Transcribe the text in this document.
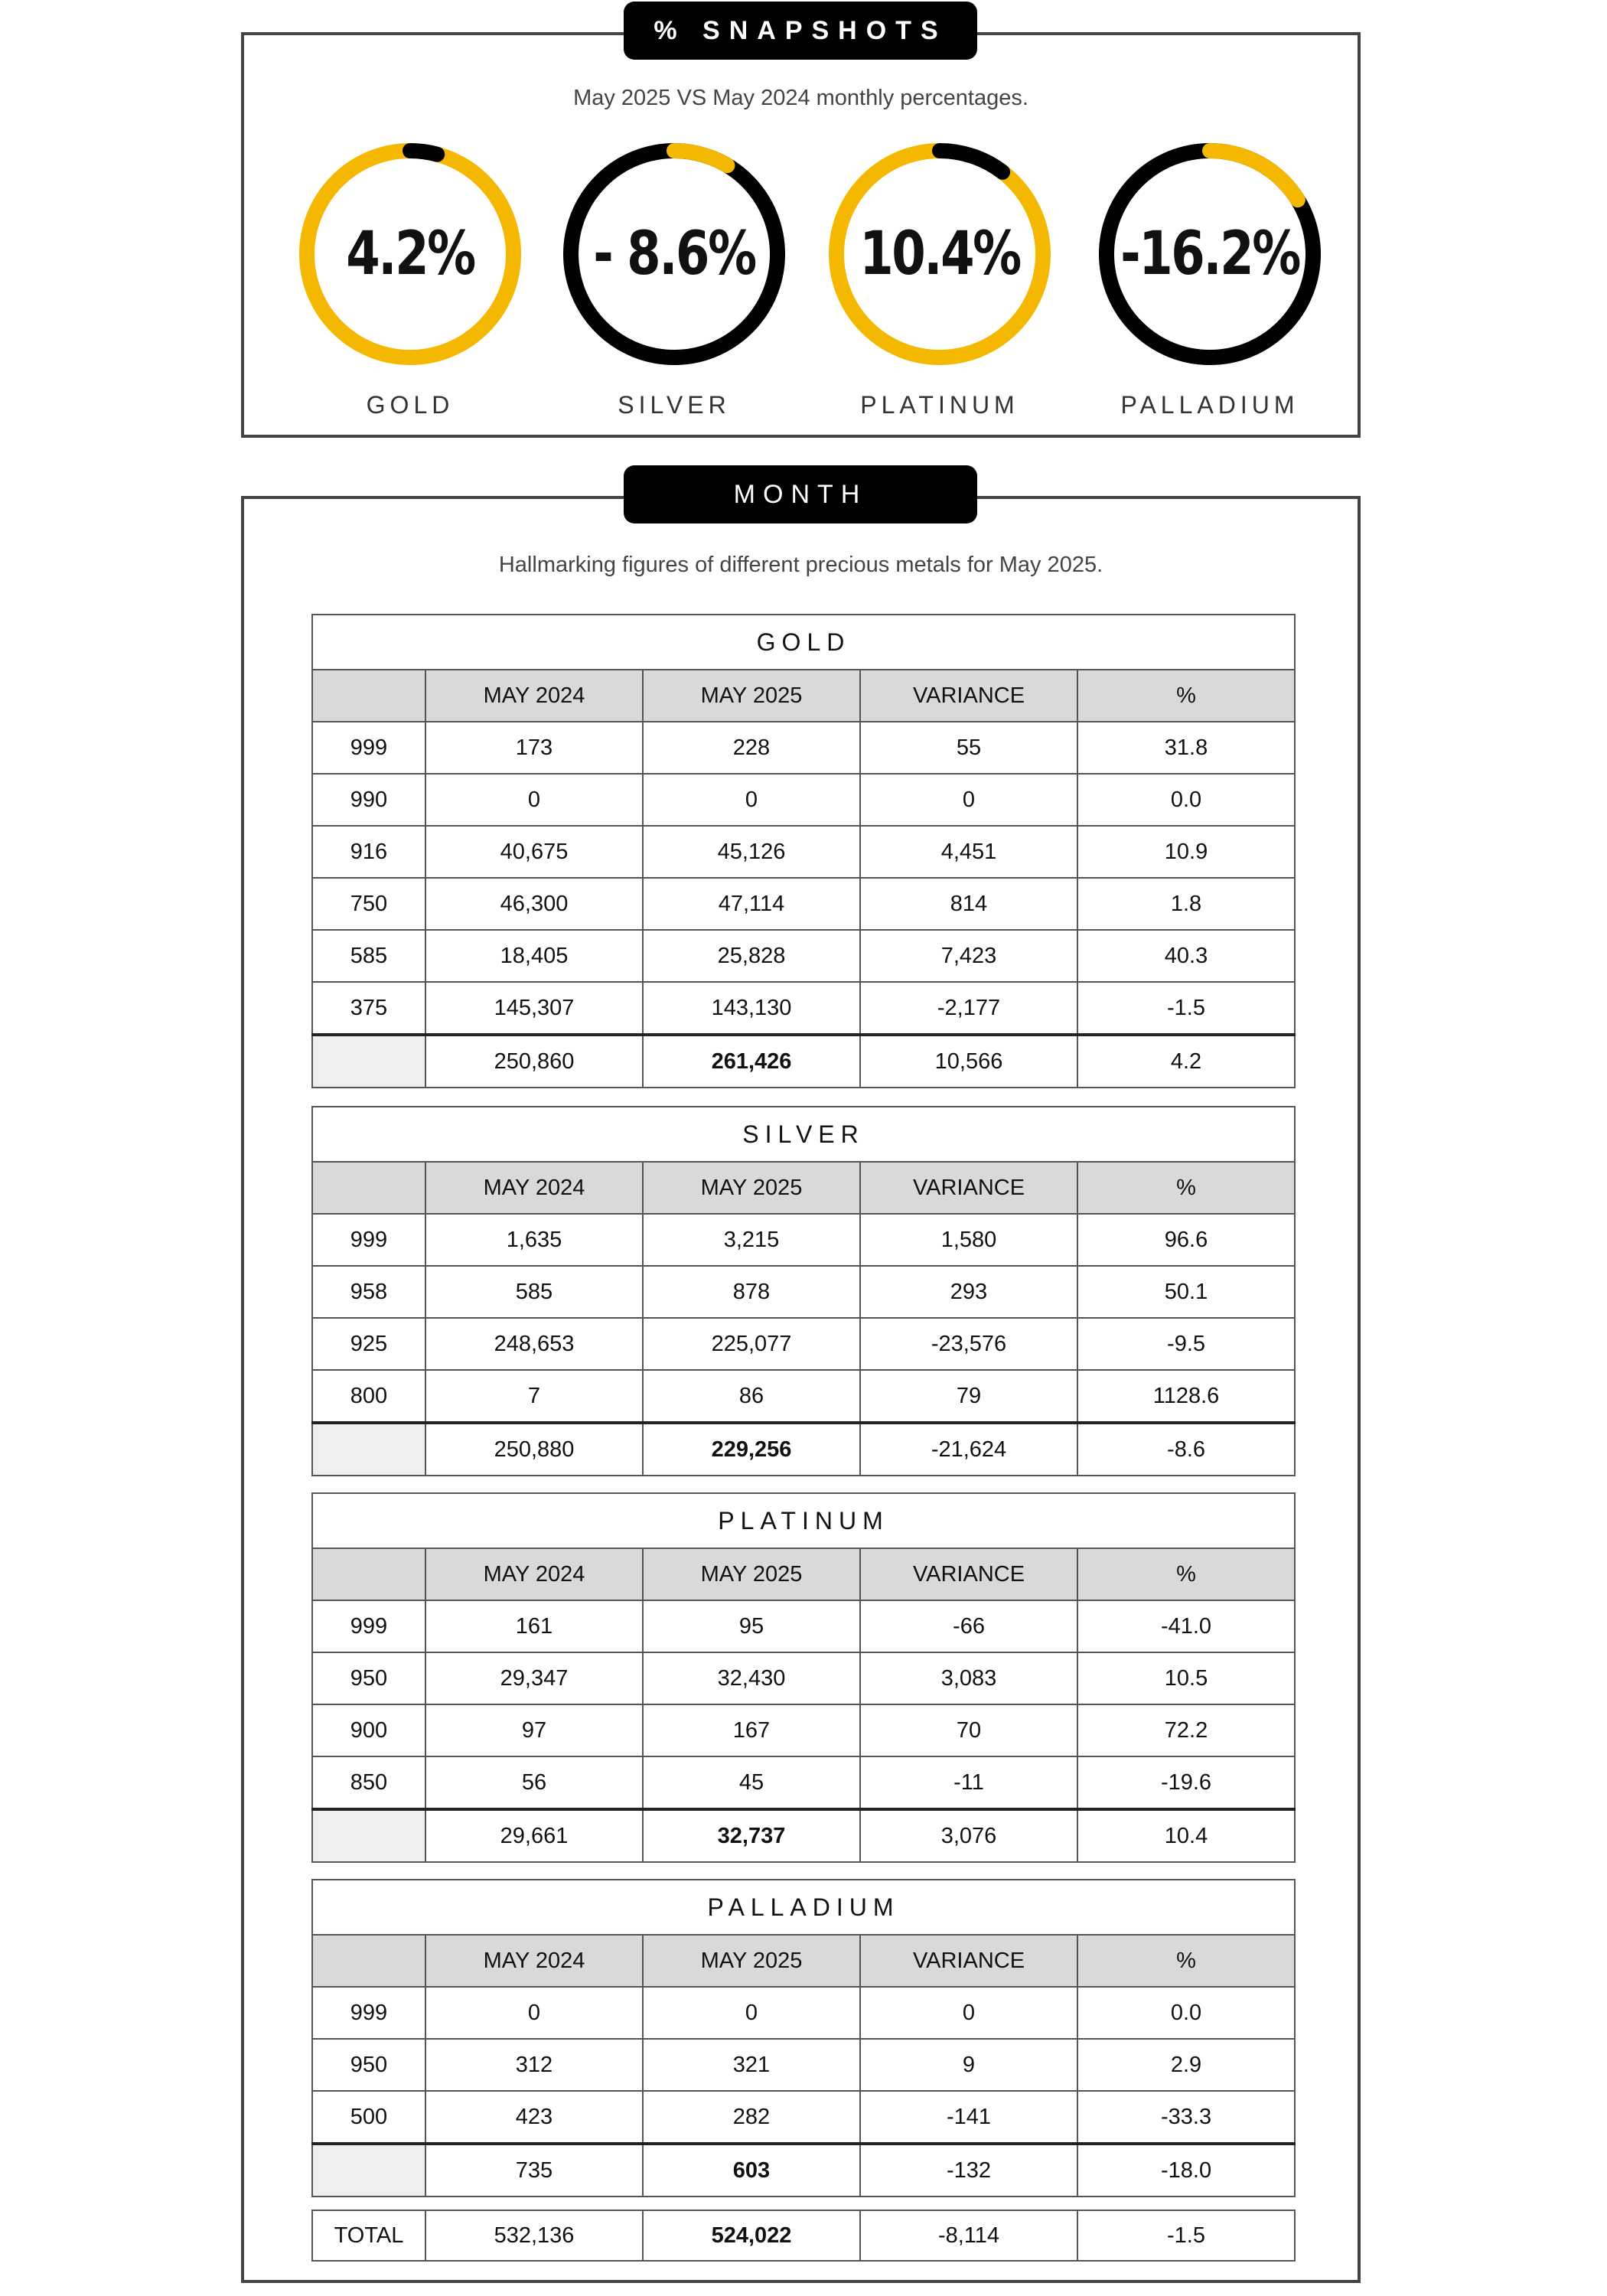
% SNAPSHOTS
May 2025 VS May 2024 monthly percentages.
4.2%
GOLD
- 8.6%
SILVER
10.4%
PLATINUM
-16.2%
PALLADIUM
MONTH
Hallmarking figures of different precious metals for May 2025.
GOLD				
	MAY 2024	MAY 2025	VARIANCE	%
999	173	228	55	31.8
990	0	0	0	0.0
916	40,675	45,126	4,451	10.9
750	46,300	47,114	814	1.8
585	18,405	25,828	7,423	40.3
375	145,307	143,130	-2,177	-1.5
	250,860	261,426	10,566	4.2
SILVER				
	MAY 2024	MAY 2025	VARIANCE	%
999	1,635	3,215	1,580	96.6
958	585	878	293	50.1
925	248,653	225,077	-23,576	-9.5
800	7	86	79	1128.6
	250,880	229,256	-21,624	-8.6
PLATINUM				
	MAY 2024	MAY 2025	VARIANCE	%
999	161	95	-66	-41.0
950	29,347	32,430	3,083	10.5
900	97	167	70	72.2
850	56	45	-11	-19.6
	29,661	32,737	3,076	10.4
PALLADIUM				
	MAY 2024	MAY 2025	VARIANCE	%
999	0	0	0	0.0
950	312	321	9	2.9
500	423	282	-141	-33.3
	735	603	-132	-18.0
TOTAL	532,136	524,022	-8,114	-1.5
